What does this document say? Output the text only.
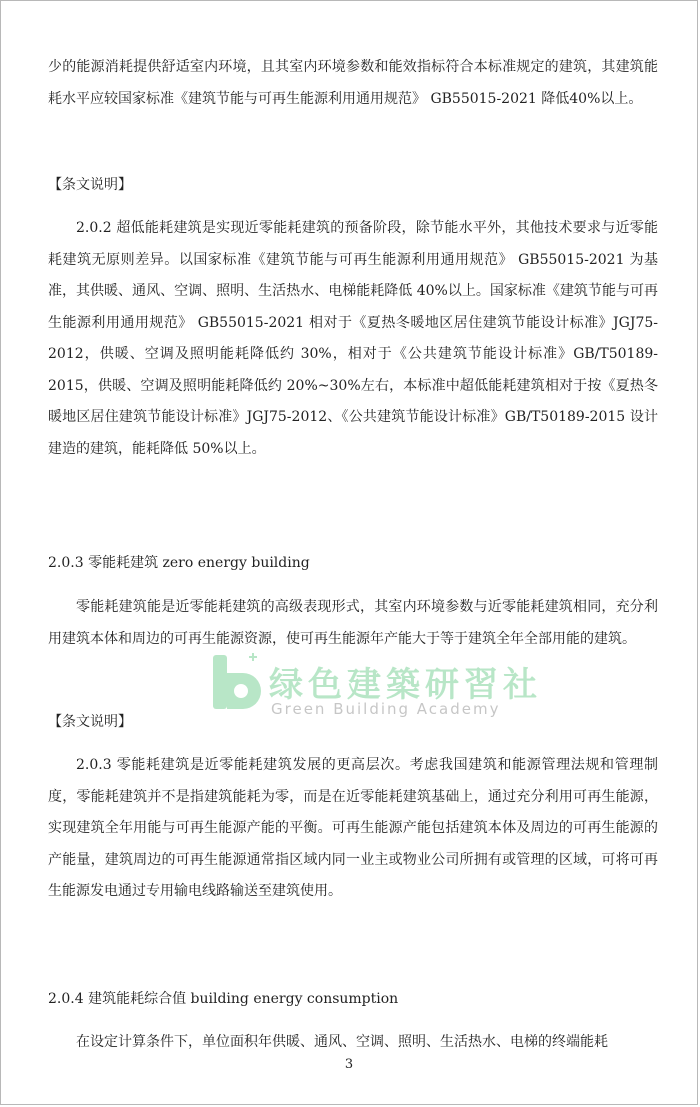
少的能源消耗提供舒适室内环境，且其室内环境参数和能效指标符合本标准规定的建筑，其建筑能耗水平应较国家标准《建筑节能与可再生能源利用通用规范》 GB55015-2021 降低40%以上。
【条文说明】
2.0.2 超低能耗建筑是实现近零能耗建筑的预备阶段，除节能水平外，其他技术要求与近零能耗建筑无原则差异。以国家标准《建筑节能与可再生能源利用通用规范》 GB55015-2021 为基准，其供暖、通风、空调、照明、生活热水、电梯能耗降低 40%以上。国家标准《建筑节能与可再生能源利用通用规范》 GB55015-2021 相对于《夏热冬暖地区居住建筑节能设计标准》JGJ75-2012，供暖、空调及照明能耗降低约 30%，相对于《公共建筑节能设计标准》GB/T50189-2015，供暖、空调及照明能耗降低约 20%~30%左右，本标准中超低能耗建筑相对于按《夏热冬暖地区居住建筑节能设计标准》JGJ75-2012、《公共建筑节能设计标准》GB/T50189-2015 设计建造的建筑，能耗降低 50%以上。
2.0.3 零能耗建筑 zero energy building
零能耗建筑能是近零能耗建筑的高级表现形式，其室内环境参数与近零能耗建筑相同，充分利用建筑本体和周边的可再生能源资源，使可再生能源年产能大于等于建筑全年全部用能的建筑。
【条文说明】
2.0.3 零能耗建筑是近零能耗建筑发展的更高层次。考虑我国建筑和能源管理法规和管理制度，零能耗建筑并不是指建筑能耗为零，而是在近零能耗建筑基础上，通过充分利用可再生能源，实现建筑全年用能与可再生能源产能的平衡。可再生能源产能包括建筑本体及周边的可再生能源的产能量，建筑周边的可再生能源通常指区域内同一业主或物业公司所拥有或管理的区域，可将可再生能源发电通过专用输电线路输送至建筑使用。
2.0.4 建筑能耗综合值 building energy consumption
在设定计算条件下，单位面积年供暖、通风、空调、照明、生活热水、电梯的终端能耗
绿色建築研習社
Green Building Academy
3
